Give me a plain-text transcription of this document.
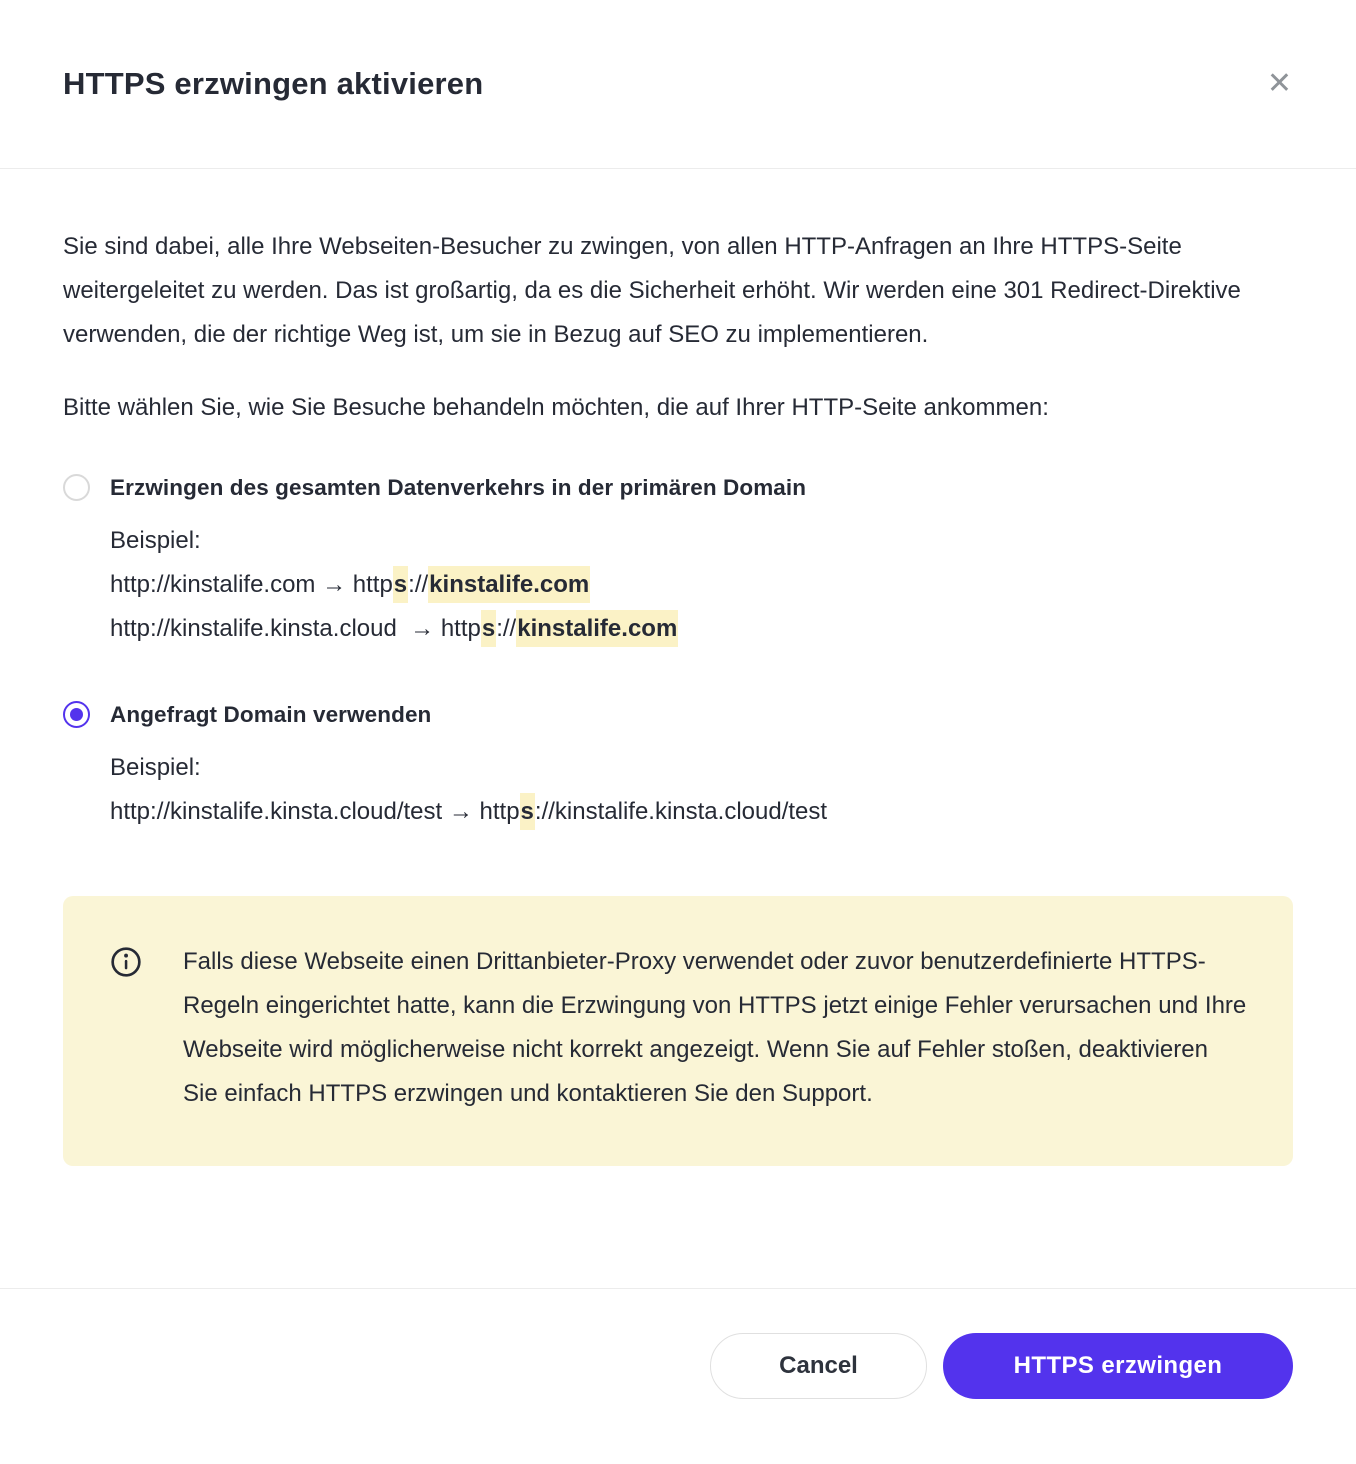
HTTPS erzwingen aktivieren	✕

Sie sind dabei, alle Ihre Webseiten-Besucher zu zwingen, von allen HTTP-Anfragen an Ihre HTTPS-Seite weitergeleitet zu werden. Das ist großartig, da es die Sicherheit erhöht. Wir werden eine 301 Redirect-Direktive verwenden, die der richtige Weg ist, um sie in Bezug auf SEO zu implementieren.

Bitte wählen Sie, wie Sie Besuche behandeln möchten, die auf Ihrer HTTP-Seite ankommen:

Erzwingen des gesamten Datenverkehrs in der primären Domain
Beispiel:
http://kinstalife.com → https://kinstalife.com
http://kinstalife.kinsta.cloud  → https://kinstalife.com
Angefragt Domain verwenden
Beispiel:
http://kinstalife.kinsta.cloud/test → https://kinstalife.kinsta.cloud/test

Falls diese Webseite einen Drittanbieter-Proxy verwendet oder zuvor benutzerdefinierte HTTPS-Regeln eingerichtet hatte, kann die Erzwingung von HTTPS jetzt einige Fehler verursachen und Ihre Webseite wird möglicherweise nicht korrekt angezeigt. Wenn Sie auf Fehler stoßen, deaktivieren Sie einfach HTTPS erzwingen und kontaktieren Sie den Support.

Cancel	HTTPS erzwingen
